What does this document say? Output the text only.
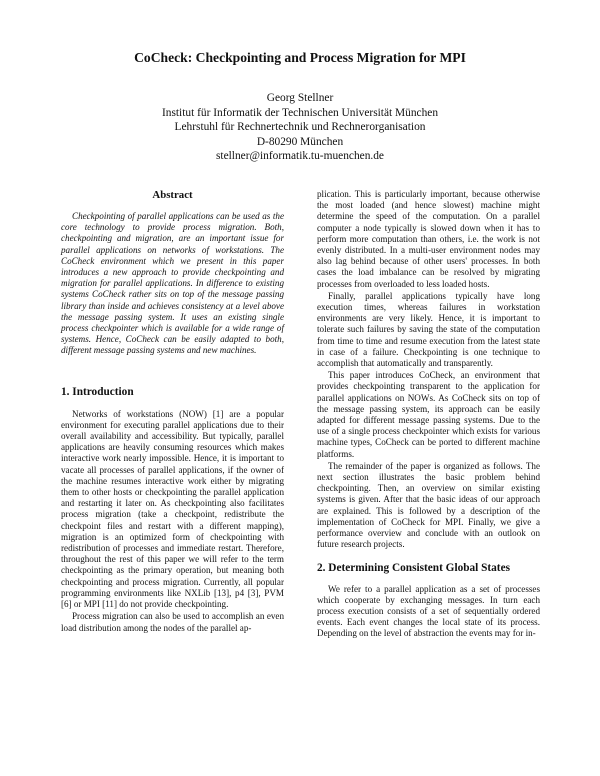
CoCheck: Checkpointing and Process Migration for MPI
Georg Stellner
Institut für Informatik der Technischen Universität München
Lehrstuhl für Rechnertechnik und Rechnerorganisation
D-80290 München
stellner@informatik.tu-muenchen.de
Abstract

Checkpointing of parallel applications can be used as the core technology to provide process migration. Both, checkpointing and migration, are an important issue for parallel applications on networks of workstations. The CoCheck environment which we present in this paper introduces a new approach to provide checkpointing and migration for parallel applications. In difference to existing systems CoCheck rather sits on top of the message passing library than inside and achieves consistency at a level above the message passing system. It uses an existing single process checkpointer which is available for a wide range of systems. Hence, CoCheck can be easily adapted to both, different message passing systems and new machines.

1. Introduction

Networks of workstations (NOW) [1] are a popular environment for executing parallel applications due to their overall availability and accessibility. But typically, parallel applications are heavily consuming resources which makes interactive work nearly impossible. Hence, it is important to vacate all processes of parallel applications, if the owner of the machine resumes interactive work either by migrating them to other hosts or checkpointing the parallel application and restarting it later on. As checkpointing also facilitates process migration (take a checkpoint, redistribute the checkpoint files and restart with a different mapping), migration is an optimized form of checkpointing with redistribution of processes and immediate restart. Therefore, throughout the rest of this paper we will refer to the term checkpointing as the primary operation, but meaning both checkpointing and process migration. Currently, all popular programming environments like NXLib [13], p4 [3], PVM [6] or MPI [11] do not provide checkpointing.

Process migration can also be used to accomplish an even load distribution among the nodes of the parallel ap-

plication. This is particularly important, because otherwise the most loaded (and hence slowest) machine might determine the speed of the computation. On a parallel computer a node typically is slowed down when it has to perform more computation than others, i.e. the work is not evenly distributed. In a multi-user environment nodes may also lag behind because of other users' processes. In both cases the load imbalance can be resolved by migrating processes from overloaded to less loaded hosts.

Finally, parallel applications typically have long execution times, whereas failures in workstation environments are very likely. Hence, it is important to tolerate such failures by saving the state of the computation from time to time and resume execution from the latest state in case of a failure. Checkpointing is one technique to accomplish that automatically and transparently.

This paper introduces CoCheck, an environment that provides checkpointing transparent to the application for parallel applications on NOWs. As CoCheck sits on top of the message passing system, its approach can be easily adapted for different message passing systems. Due to the use of a single process checkpointer which exists for various machine types, CoCheck can be ported to different machine platforms.

The remainder of the paper is organized as follows. The next section illustrates the basic problem behind checkpointing. Then, an overview on similar existing systems is given. After that the basic ideas of our approach are explained. This is followed by a description of the implementation of CoCheck for MPI. Finally, we give a performance overview and conclude with an outlook on future research projects.

2. Determining Consistent Global States

We refer to a parallel application as a set of processes which cooperate by exchanging messages. In turn each process execution consists of a set of sequentially ordered events. Each event changes the local state of its process. Depending on the level of abstraction the events may for in-
